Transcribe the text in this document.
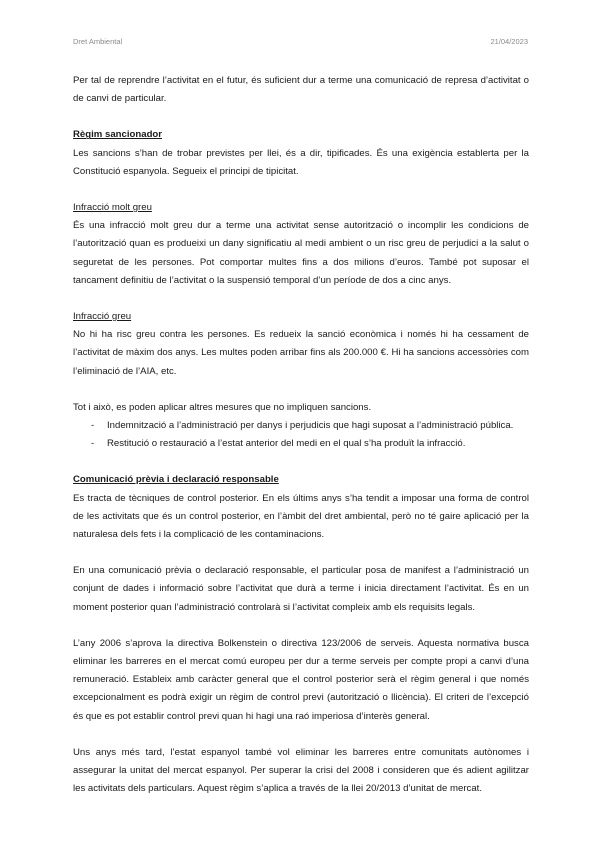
Dret Ambiental	21/04/2023

Per tal de reprendre l’activitat en el futur, és suficient dur a terme una comunicació de represa d’activitat o de canvi de particular.

Règim sancionador

Les sancions s’han de trobar previstes per llei, és a dir, tipificades. És una exigència establerta per la Constitució espanyola. Segueix el principi de tipicitat.

Infracció molt greu

És una infracció molt greu dur a terme una activitat sense autorització o incomplir les condicions de l’autorització quan es produeixi un dany significatiu al medi ambient o un risc greu de perjudici a la salut o seguretat de les persones. Pot comportar multes fins a dos milions d’euros. També pot suposar el tancament definitiu de l’activitat o la suspensió temporal d’un període de dos a cinc anys.

Infracció greu

No hi ha risc greu contra les persones. Es redueix la sanció econòmica i només hi ha cessament de l’activitat de màxim dos anys. Les multes poden arribar fins als 200.000 €. Hi ha sancions accessòries com l’eliminació de l’AIA, etc.

Tot i això, es poden aplicar altres mesures que no impliquen sancions.

- Indemnització a l’administració per danys i perjudicis que hagi suposat a l’administració pública.
- Restitució o restauració a l’estat anterior del medi en el qual s’ha produït la infracció.

Comunicació prèvia i declaració responsable

Es tracta de tècniques de control posterior. En els últims anys s’ha tendit a imposar una forma de control de les activitats que és un control posterior, en l’àmbit del dret ambiental, però no té gaire aplicació per la naturalesa dels fets i la complicació de les contaminacions.

En una comunicació prèvia o declaració responsable, el particular posa de manifest a l’administració un conjunt de dades i informació sobre l’activitat que durà a terme i inicia directament l’activitat. És en un moment posterior quan l’administració controlarà si l’activitat compleix amb els requisits legals.

L’any 2006 s’aprova la directiva Bolkenstein o directiva 123/2006 de serveis. Aquesta normativa busca eliminar les barreres en el mercat comú europeu per dur a terme serveis per compte propi a canvi d’una remuneració. Estableix amb caràcter general que el control posterior serà el règim general i que només excepcionalment es podrà exigir un règim de control previ (autorització o llicència). El criteri de l’excepció és que es pot establir control previ quan hi hagi una raó imperiosa d’interès general.

Uns anys més tard, l’estat espanyol també vol eliminar les barreres entre comunitats autònomes i assegurar la unitat del mercat espanyol. Per superar la crisi del 2008 i consideren que és adient agilitzar les activitats dels particulars. Aquest règim s’aplica a través de la llei 20/2013 d’unitat de mercat.
